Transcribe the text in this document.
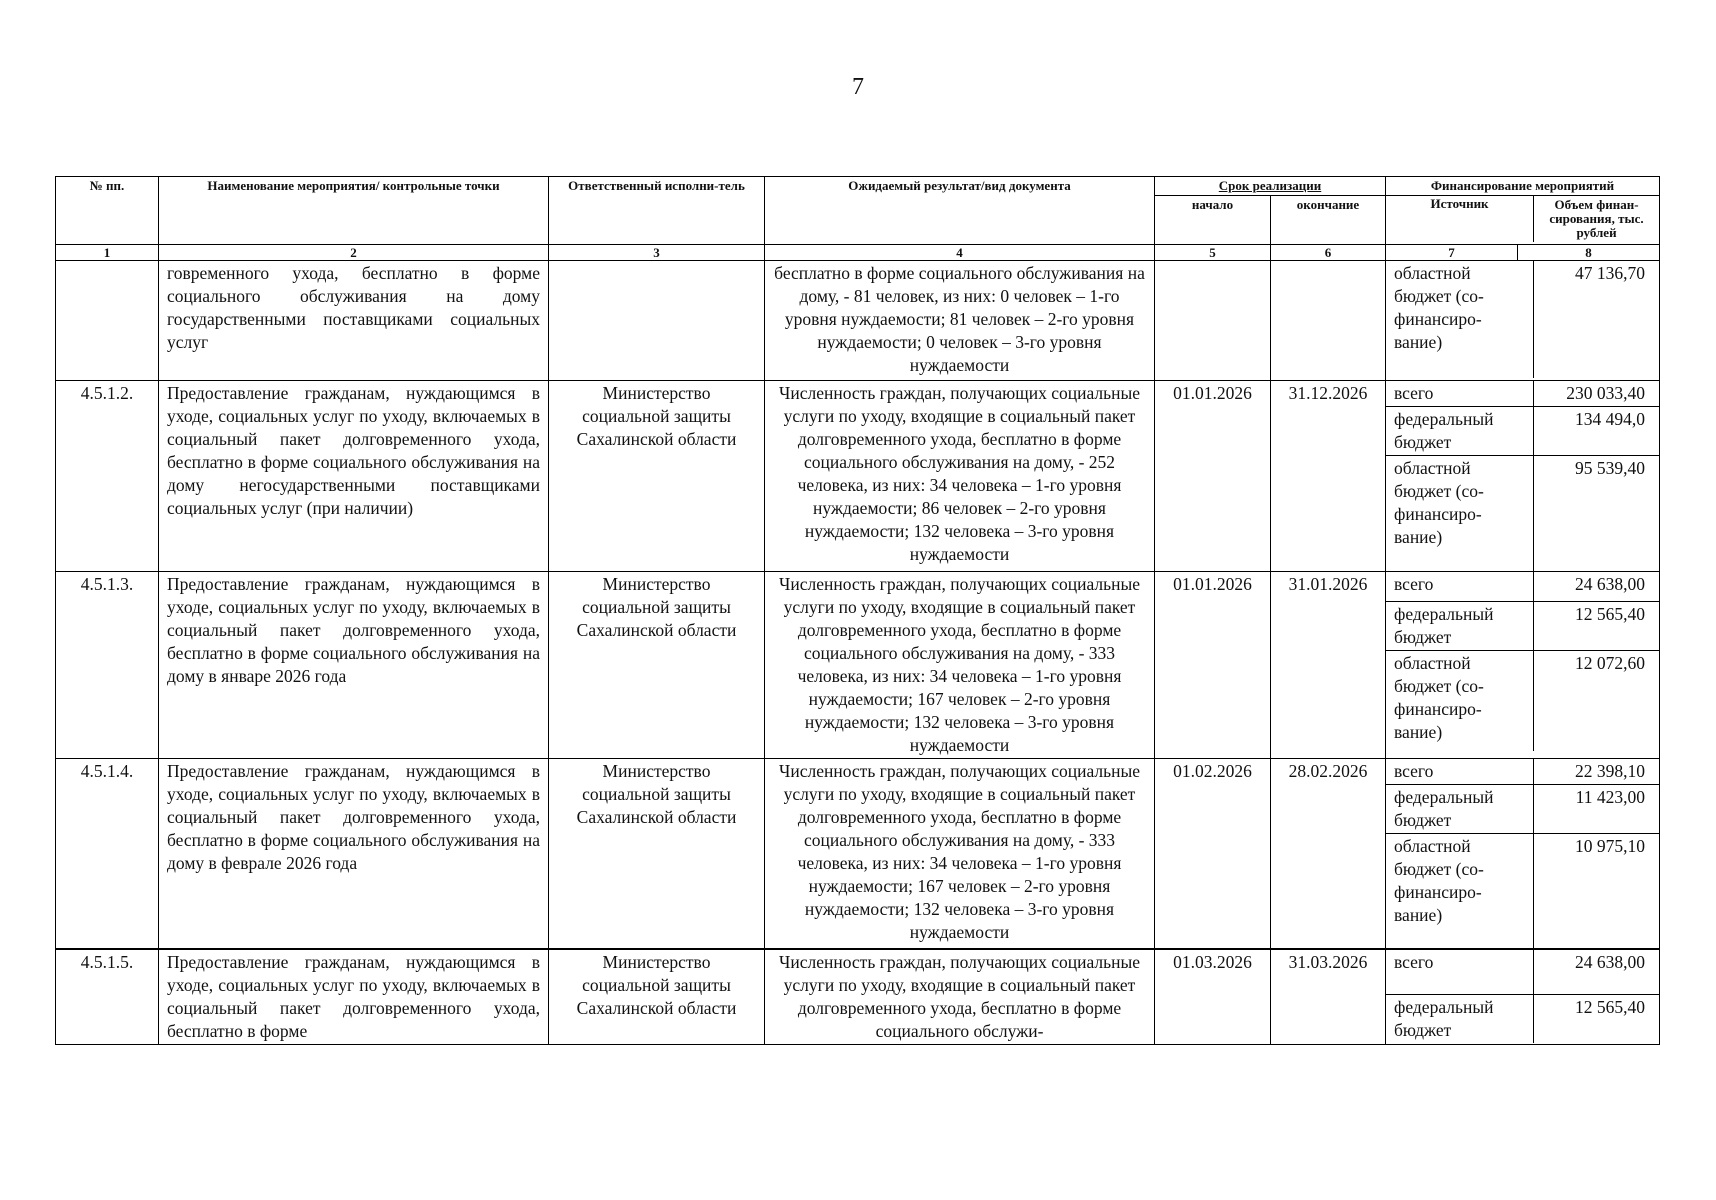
7
№ пп.	Наименование мероприятия/ контрольные точки	Ответственный исполни-тель	Ожидаемый результат/вид документа	Срок реализации	Финансирование мероприятий
начало	окончание		Источник	Объем финан-сирования, тыс. рублей

1	2	3	4	5	6		7	8

	говременного ухода, бесплатно в форме социального обслуживания на дому государственными поставщиками социальных услуг		бесплатно в форме социального обслуживания на дому, - 81 человек, из них: 0 человек – 1-го уровня нуждаемости; 81 человек – 2-го уровня нуждаемости; 0 человек – 3-го уровня нуждаемости			
областной бюджет (со-финансиро-вание)	47 136,70

4.5.1.2.	Предоставление гражданам, нуждающимся в уходе, социальных услуг по уходу, включаемых в социальный пакет долговременного ухода, бесплатно в форме социального обслуживания на дому негосударственными поставщиками социальных услуг (при наличии)	Министерство социальной защиты Сахалинской области	Численность граждан, получающих социальные услуги по уходу, входящие в социальный пакет долговременного ухода, бесплатно в форме социального обслуживания на дому, - 252 человека, из них: 34 человека – 1-го уровня нуждаемости; 86 человек – 2-го уровня нуждаемости; 132 человека – 3-го уровня нуждаемости	01.01.2026	31.12.2026	всего	230 033,40
федеральный бюджет	134 494,0
областной бюджет (со-финансиро-вание)	95 539,40

4.5.1.3.	Предоставление гражданам, нуждающимся в уходе, социальных услуг по уходу, включаемых в социальный пакет долговременного ухода, бесплатно в форме социального обслуживания на дому в январе 2026 года	Министерство социальной защиты Сахалинской области	Численность граждан, получающих социальные услуги по уходу, входящие в социальный пакет долговременного ухода, бесплатно в форме социального обслуживания на дому, - 333 человека, из них: 34 человека – 1-го уровня нуждаемости; 167 человек – 2-го уровня нуждаемости; 132 человека – 3-го уровня нуждаемости	01.01.2026	31.01.2026	всего	24 638,00
федеральный бюджет	12 565,40
областной бюджет (со-финансиро-вание)	12 072,60

4.5.1.4.	Предоставление гражданам, нуждающимся в уходе, социальных услуг по уходу, включаемых в социальный пакет долговременного ухода, бесплатно в форме социального обслуживания на дому в феврале 2026 года	Министерство социальной защиты Сахалинской области	Численность граждан, получающих социальные услуги по уходу, входящие в социальный пакет долговременного ухода, бесплатно в форме социального обслуживания на дому, - 333 человека, из них: 34 человека – 1-го уровня нуждаемости; 167 человек – 2-го уровня нуждаемости; 132 человека – 3-го уровня нуждаемости	01.02.2026	28.02.2026	всего	22 398,10
федеральный бюджет	11 423,00
областной бюджет (со-финансиро-вание)	10 975,10

4.5.1.5.	Предоставление гражданам, нуждающимся в уходе, социальных услуг по уходу, включаемых в социальный пакет долговременного ухода, бесплатно в форме	Министерство социальной защиты Сахалинской области	Численность граждан, получающих социальные услуги по уходу, входящие в социальный пакет долговременного ухода, бесплатно в форме социального обслужи-	01.03.2026	31.03.2026	всего	24 638,00
федеральный бюджет	12 565,40
